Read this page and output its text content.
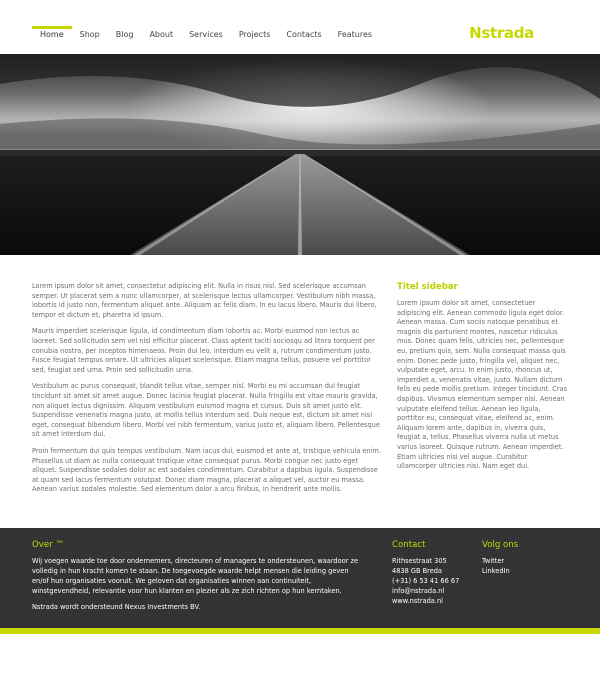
Home	Shop	Blog	About	Services	Projects	Contacts	Features	Nstrada

Lorem ipsum dolor sit amet, consectetur adipiscing elit. Nulla in risus nisl. Sed scelerisque accumsan semper. Ut placerat sem a nunc ullamcorper, at scelerisque lectus ullamcorper. Vestibulum nibh massa, lobortis id justo non, fermentum aliquet ante. Aliquam ac felis diam. In eu lacus libero. Mauris dui libero, tempor et dictum et, pharetra id ipsum.

Mauris imperdiet scelerisque ligula, id condimentum diam lobortis ac. Morbi euismod non lectus ac laoreet. Sed sollicitudin sem vel nisl efficitur placerat. Class aptent taciti sociosqu ad litora torquent per conubia nostra, per inceptos himenaeos. Proin dui leo, interdum eu velit a, rutrum condimentum justo. Fusce feugiat tempus ornare. Ut ultricies aliquet scelerisque. Etiam magna tellus, posuere vel porttitor sed, feugiat sed urna. Proin sed sollicitudin urna.

Vestibulum ac purus consequat, blandit tellus vitae, semper nisl. Morbi eu mi accumsan dui feugiat tincidunt sit amet sit amet augue. Donec lacinia feugiat placerat. Nulla fringilla est vitae mauris gravida, non aliquet lectus dignissim. Aliquam vestibulum euismod magna et cursus. Duis sit amet justo elit. Suspendisse venenatis magna justo, at mollis tellus interdum sed. Duis neque est, dictum sit amet nisi eget, consequat bibendum libero. Morbi vel nibh fermentum, varius justo et, aliquam libero. Pellentesque sit amet interdum dui.

Proin fermentum dui quis tempus vestibulum. Nam iacus dui, euismod et ante at, tristique vehicula enim. Phasellus ut diam ac nulla consequat tristique vitae consequat purus. Morbi congue nec justo eget aliquet. Suspendisse sodales dolor ac est sodales condimentum. Curabitur a dapibus ligula. Suspendisse at quam sed lacus fermentum volutpat. Donec diam magna, placerat a aliquet vel, auctor eu massa. Aenean varius sodales molestie. Sed elementum dolor a arcu finibus, in hendrerit ante mollis.

Titel sidebar

Lorem ipsum dolor sit amet, consectetuer adipiscing elit. Aenean commodo ligula eget dolor. Aenean massa. Cum sociis natoque penatibus et magnis dis parturient montes, nascetur ridiculus mus. Donec quam felis, ultricies nec, pellentesque eu, pretium quis, sem. Nulla consequat massa quis enim. Donec pede justo, fringilla vel, aliquet nec, vulputate eget, arcu. In enim justo, rhoncus ut, imperdiet a, venenatis vitae, justo. Nullam dictum felis eu pede mollis pretium. Integer tincidunt. Cras dapibus. Vivamus elementum semper nisi. Aenean vulputate eleifend tellus. Aenean leo ligula, porttitor eu, consequat vitae, eleifend ac, enim. Aliquam lorem ante, dapibus in, viverra quis, feugiat a, tellus. Phasellus viverra nulla ut metus varius laoreet. Quisque rutrum. Aenean imperdiet. Etiam ultricies nisi vel augue. Curabitur ullamcorper ultricies nisi. Nam eget dui.

Over ™

Wij voegen waarde toe door ondernemers, directeuren of managers te ondersteunen, waardoor ze volledig in hun kracht komen te staan. De toegevoegde waarde helpt mensen die leiding geven en/of hun organisaties vooruit. We geloven dat organisaties winnen aan continuiteit, winstgevendheid, relevantie voor hun klanten en plezier als ze zich richten op hun kerntaken.

Nstrada wordt ondersteund Nexus Investments BV.

Contact

Rithsestraat 305

4838 GB Breda

(+31) 6 53 41 66 67

info@nstrada.nl

www.nstrada.nl

Volg ons
Twitter
LinkedIn
